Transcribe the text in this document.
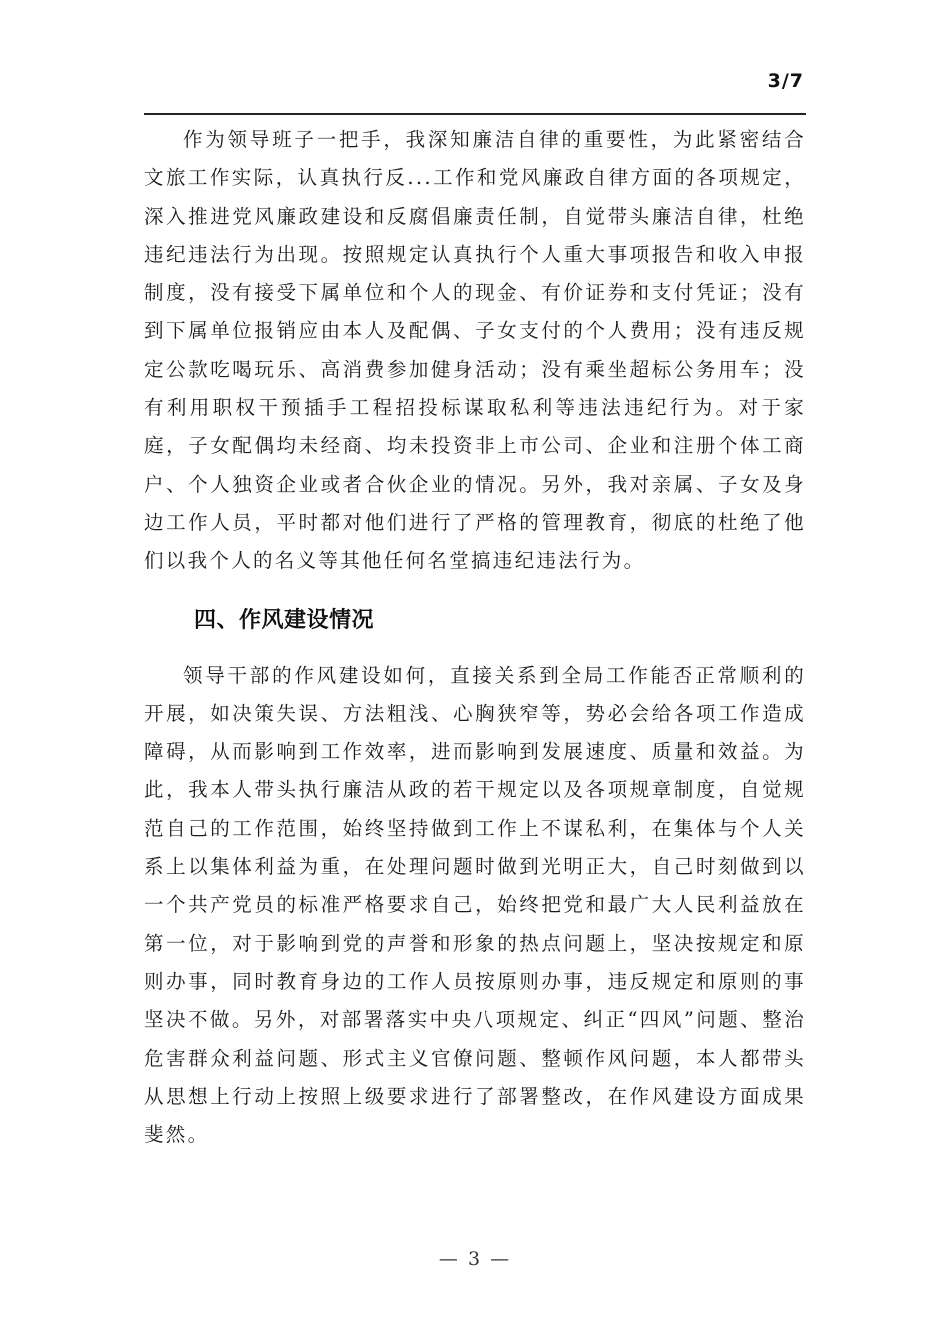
3/7

作为领导班子一把手，我深知廉洁自律的重要性，为此紧密结合文旅工作实际，认真执行反...工作和党风廉政自律方面的各项规定，深入推进党风廉政建设和反腐倡廉责任制，自觉带头廉洁自律，杜绝违纪违法行为出现。按照规定认真执行个人重大事项报告和收入申报制度，没有接受下属单位和个人的现金、有价证券和支付凭证；没有到下属单位报销应由本人及配偶、子女支付的个人费用；没有违反规定公款吃喝玩乐、高消费参加健身活动；没有乘坐超标公务用车；没有利用职权干预插手工程招投标谋取私利等违法违纪行为。对于家庭，子女配偶均未经商、均未投资非上市公司、企业和注册个体工商户、个人独资企业或者合伙企业的情况。另外，我对亲属、子女及身边工作人员，平时都对他们进行了严格的管理教育，彻底的杜绝了他们以我个人的名义等其他任何名堂搞违纪违法行为。

四、作风建设情况

领导干部的作风建设如何，直接关系到全局工作能否正常顺利的开展，如决策失误、方法粗浅、心胸狭窄等，势必会给各项工作造成障碍，从而影响到工作效率，进而影响到发展速度、质量和效益。为此，我本人带头执行廉洁从政的若干规定以及各项规章制度，自觉规范自己的工作范围，始终坚持做到工作上不谋私利，在集体与个人关系上以集体利益为重，在处理问题时做到光明正大，自己时刻做到以一个共产党员的标准严格要求自己，始终把党和最广大人民利益放在第一位，对于影响到党的声誉和形象的热点问题上，坚决按规定和原则办事，同时教育身边的工作人员按原则办事，违反规定和原则的事坚决不做。另外，对部署落实中央八项规定、纠正“四风”问题、整治危害群众利益问题、形式主义官僚问题、整顿作风问题，本人都带头从思想上行动上按照上级要求进行了部署整改，在作风建设方面成果斐然。

— 3 —
